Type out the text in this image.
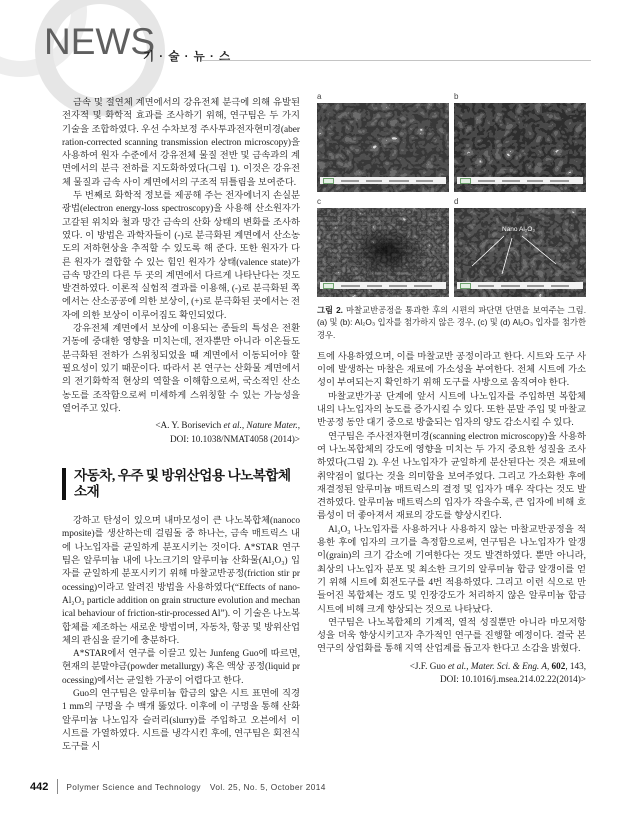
NEWS
기 · 술 · 뉴 · 스

금속 및 절연체 계면에서의 강유전체 분극에 의해 유발된 전자적 및 화학적 효과를 조사하기 위해, 연구팀은 두 가지 기술을 조합하였다. 우선 수차보정 주사투과전자현미경(aberration-corrected scanning transmission electron microscopy)을 사용하여 원자 수준에서 강유전체 물질 전반 및 금속과의 계면에서의 분극 전하를 지도화하였다(그림 1). 이것은 강유전체 물질과 금속 사이 계면에서의 구조적 뒤틀림을 보여준다.

두 번째로 화학적 정보를 제공해 주는 전자에너지 손실분광법(electron energy-loss spectroscopy)을 사용해 산소원자가 고갈된 위치와 철과 망간 금속의 산화 상태의 변화를 조사하였다. 이 방법은 과학자들이 (-)로 분극화된 계면에서 산소농도의 저하현상을 추적할 수 있도록 해 준다. 또한 원자가 다른 원자가 결합할 수 있는 힘인 원자가 상태(valence state)가 금속 망간의 다른 두 곳의 계면에서 다르게 나타난다는 것도 발견하였다. 이론적 실험적 결과를 이용해, (-)로 분극화된 쪽에서는 산소공공에 의한 보상이, (+)로 분극화된 곳에서는 전자에 의한 보상이 이루어짐도 확인되었다.

강유전체 계면에서 보상에 이용되는 종들의 특성은 전환거동에 중대한 영향을 미치는데, 전자뿐만 아니라 이온들도 분극화된 전하가 스위칭되었을 때 계면에서 이동되어야 할 필요성이 있기 때문이다. 따라서 본 연구는 산화물 계면에서의 전기화학적 현상의 역할을 이해함으로써, 국소적인 산소 농도를 조작함으로써 미세하게 스위칭할 수 있는 가능성을 열어주고 있다.

<A. Y. Borisevich et al., Nature Mater.,
DOI: 10.1038/NMAT4058 (2014)>
자동차, 우주 및 방위산업용 나노복합체 소재

강하고 탄성이 있으며 내마모성이 큰 나노복합체(nanocomposite)를 생산하는데 걸림돌 중 하나는, 금속 매트릭스 내에 나노입자를 균일하게 분포시키는 것이다. A*STAR 연구팀은 알루미늄 내에 나노크기의 알루미늄 산화물(Al₂O₃) 입자를 균일하게 분포시키기 위해 마찰교반공정(friction stir processing)이라고 알려진 방법을 사용하였다(“Effects of nano-Al₂O₃ particle addition on grain structure evolution and mechanical behaviour of friction-stir-processed Al”). 이 기술은 나노복합체를 제조하는 새로운 방법이며, 자동차, 항공 및 방위산업체의 관심을 끌기에 충분하다.

A*STAR에서 연구를 이끌고 있는 Junfeng Guo에 따르면, 현재의 분말야금(powder metallurgy) 혹은 액상 공정(liquid processing)에서는 균일한 가공이 어렵다고 한다.

Guo의 연구팀은 알루미늄 합금의 얇은 시트 표면에 직경 1 mm의 구멍을 수 백개 뚫었다. 이후에 이 구멍을 통해 산화알루미늄 나노입자 슬러리(slurry)를 주입하고 오븐에서 이 시트를 가열하였다. 시트를 냉각시킨 후에, 연구팀은 회전식 도구를 시

a	b
c	d
Nano Al₂O₃
그림 2. 마찰교반공정을 통과한 후의 시편의 파단면 단면을 보여주는 그림. (a) 및 (b): Al₂O₃ 입자를 첨가하지 않은 경우, (c) 및 (d) Al₂O₃ 입자를 첨가한 경우.

트에 사용하였으며, 이를 마찰교반 공정이라고 한다. 시트와 도구 사이에 발생하는 마찰은 재료에 가소성을 부여한다. 전체 시트에 가소성이 부여되는지 확인하기 위해 도구를 사방으로 움직여야 한다.

마찰교반가공 단계에 앞서 시트에 나노입자를 주입하면 복합체 내의 나노입자의 농도를 증가시킬 수 있다. 또한 분말 주입 및 마찰교반공정 동안 대기 중으로 방출되는 입자의 양도 감소시킬 수 있다.

연구팀은 주사전자현미경(scanning electron microscopy)을 사용하여 나노복합체의 강도에 영향을 미치는 두 가지 중요한 성질을 조사하였다(그림 2). 우선 나노입자가 균일하게 분산된다는 것은 재료에 취약점이 없다는 것을 의미함을 보여주었다. 그리고 가소화한 후에 재결정된 알루미늄 매트릭스의 결정 및 입자가 매우 작다는 것도 발견하였다. 알루미늄 매트릭스의 입자가 작을수록, 큰 입자에 비해 흐름성이 더 좋아져서 재료의 강도를 향상시킨다.

Al₂O₃ 나노입자를 사용하거나 사용하지 않는 마찰교반공정을 적용한 후에 입자의 크기를 측정함으로써, 연구팀은 나노입자가 알갱이(grain)의 크기 감소에 기여한다는 것도 발견하였다. 뿐만 아니라, 최상의 나노입자 분포 및 최소한 크기의 알루미늄 합금 알갱이를 얻기 위해 시트에 회전도구를 4번 적용하였다. 그리고 이런 식으로 만들어진 복합체는 경도 및 인장강도가 처리하지 않은 알루미늄 합금 시트에 비해 크게 향상되는 것으로 나타났다.

연구팀은 나노복합체의 기계적, 열적 성질뿐만 아니라 마모저항성을 더욱 향상시키고자 추가적인 연구를 진행할 예정이다. 결국 본 연구의 상업화를 통해 지역 산업계를 돕고자 한다고 소감을 밝혔다.

<J.F. Guo et al., Mater. Sci. & Eng. A, 602, 143,
DOI: 10.1016/j.msea.214.02.22(2014)>
442 Polymer Science and Technology Vol. 25, No. 5, October 2014
